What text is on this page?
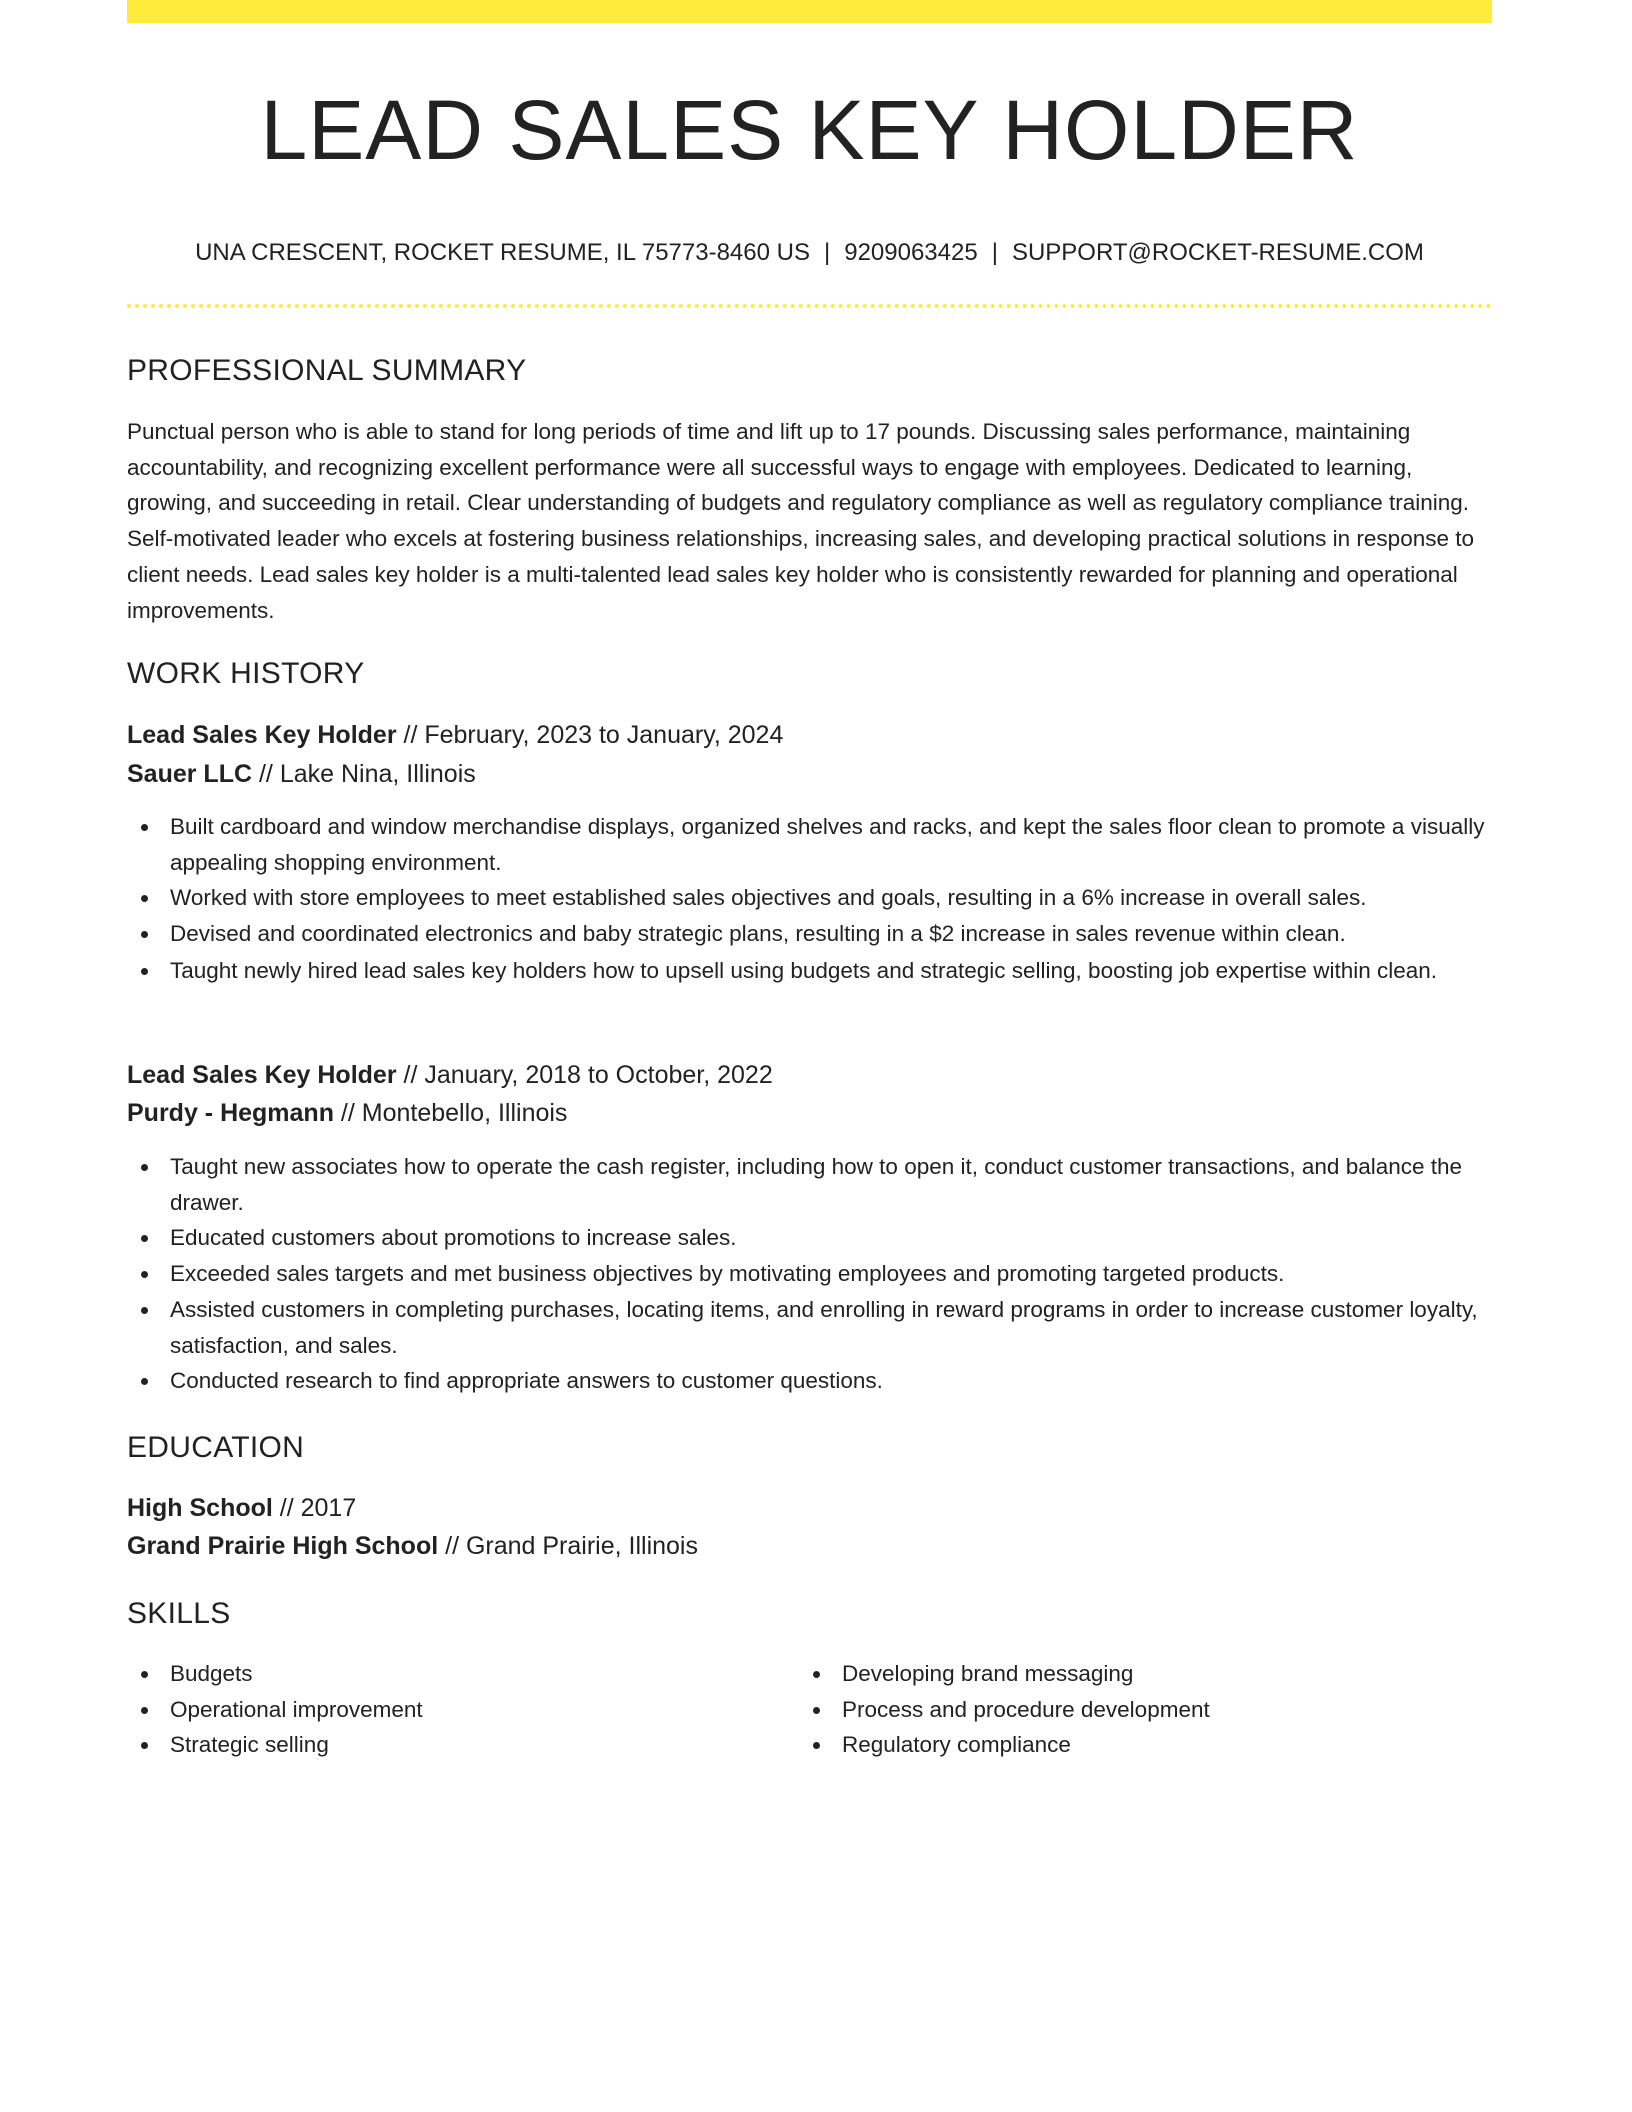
LEAD SALES KEY HOLDER
UNA CRESCENT, ROCKET RESUME, IL 75773-8460 US | 9209063425 | SUPPORT@ROCKET-RESUME.COM
PROFESSIONAL SUMMARY

Punctual person who is able to stand for long periods of time and lift up to 17 pounds. Discussing sales performance, maintaining accountability, and recognizing excellent performance were all successful ways to engage with employees. Dedicated to learning, growing, and succeeding in retail. Clear understanding of budgets and regulatory compliance as well as regulatory compliance training. Self-motivated leader who excels at fostering business relationships, increasing sales, and developing practical solutions in response to client needs. Lead sales key holder is a multi-talented lead sales key holder who is consistently rewarded for planning and operational improvements.

WORK HISTORY
Lead Sales Key Holder // February, 2023 to January, 2024
Sauer LLC // Lake Nina, Illinois
Built cardboard and window merchandise displays, organized shelves and racks, and kept the sales floor clean to promote a visually appealing shopping environment.
Worked with store employees to meet established sales objectives and goals, resulting in a 6% increase in overall sales.
Devised and coordinated electronics and baby strategic plans, resulting in a $2 increase in sales revenue within clean.
Taught newly hired lead sales key holders how to upsell using budgets and strategic selling, boosting job expertise within clean.
Lead Sales Key Holder // January, 2018 to October, 2022
Purdy - Hegmann // Montebello, Illinois
Taught new associates how to operate the cash register, including how to open it, conduct customer transactions, and balance the drawer.
Educated customers about promotions to increase sales.
Exceeded sales targets and met business objectives by motivating employees and promoting targeted products.
Assisted customers in completing purchases, locating items, and enrolling in reward programs in order to increase customer loyalty, satisfaction, and sales.
Conducted research to find appropriate answers to customer questions.
EDUCATION
High School // 2017
Grand Prairie High School // Grand Prairie, Illinois
SKILLS
Budgets
Operational improvement
Strategic selling
Developing brand messaging
Process and procedure development
Regulatory compliance
